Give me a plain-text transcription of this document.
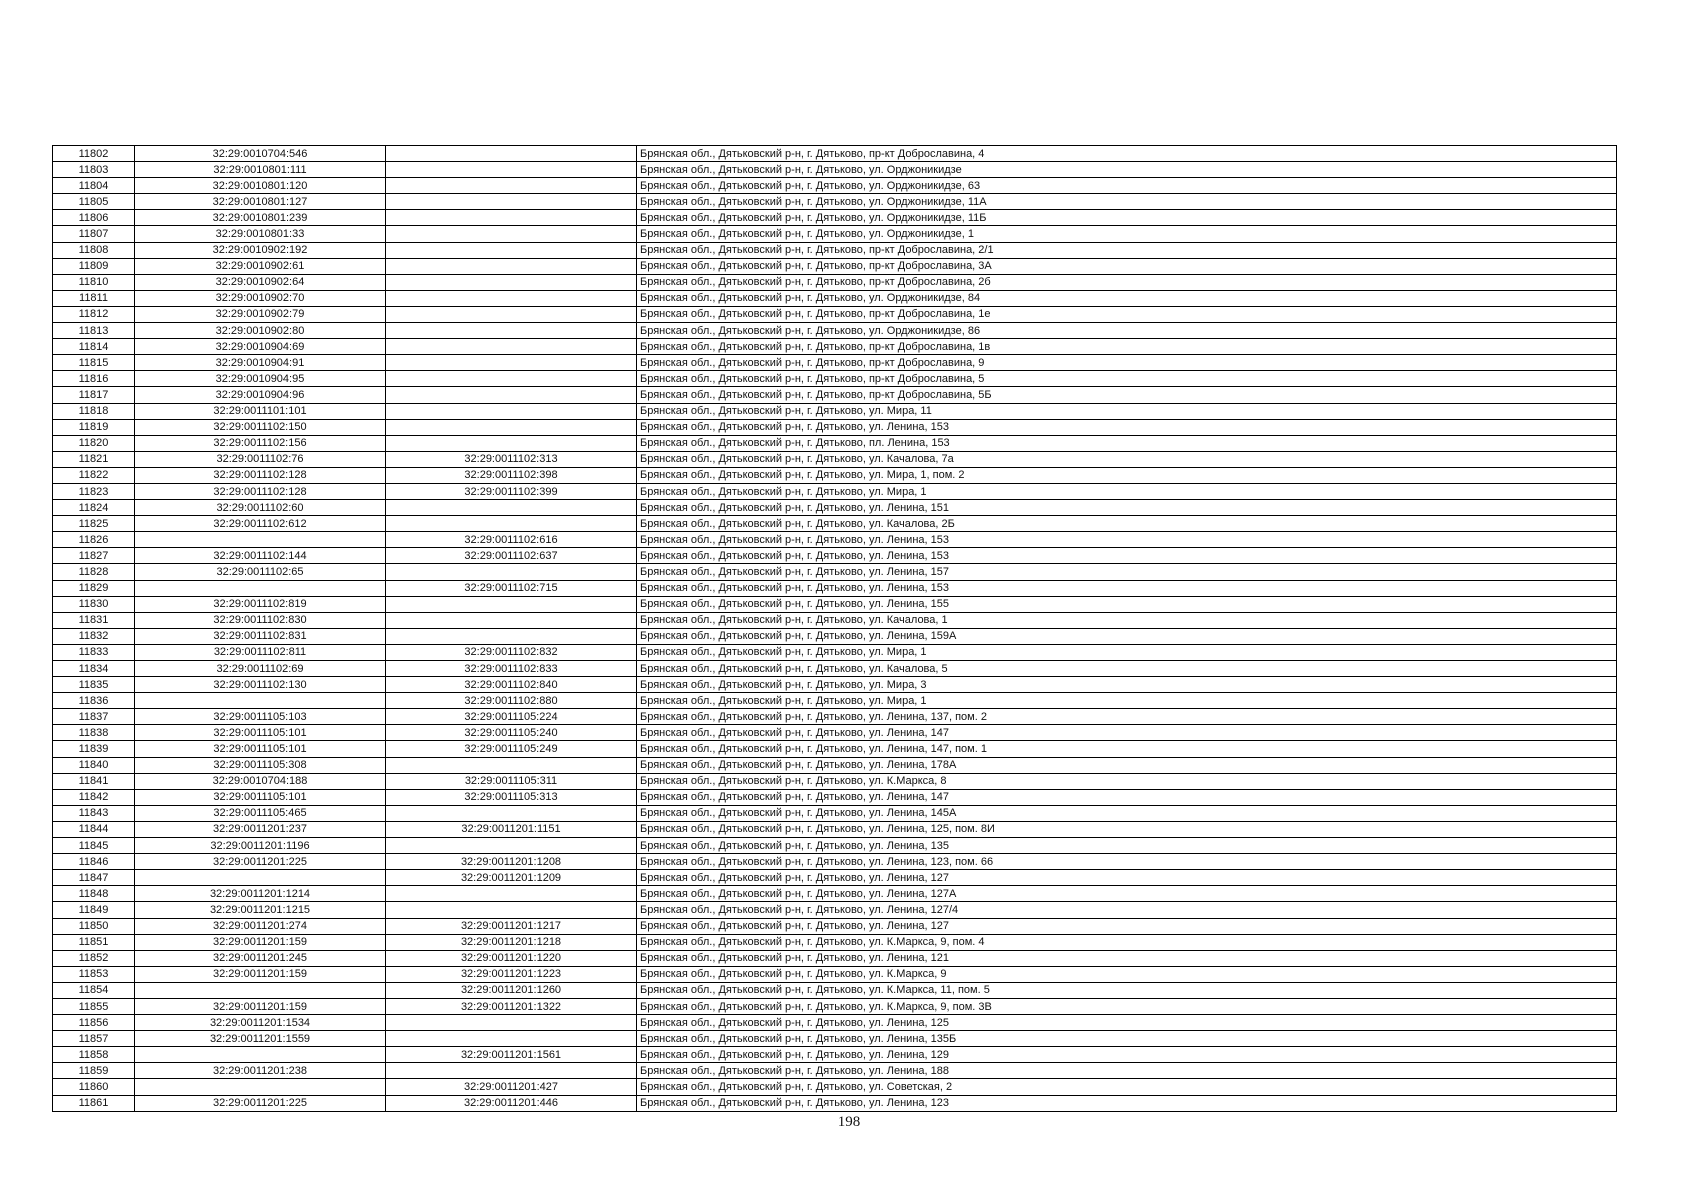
11802	32:29:0010704:546		Брянская обл., Дятьковский р-н, г. Дятьково, пр-кт Доброславина, 4
11803	32:29:0010801:111		Брянская обл., Дятьковский р-н, г. Дятьково, ул. Орджоникидзе
11804	32:29:0010801:120		Брянская обл., Дятьковский р-н, г. Дятьково, ул. Орджоникидзе, 63
11805	32:29:0010801:127		Брянская обл., Дятьковский р-н, г. Дятьково, ул. Орджоникидзе, 11А
11806	32:29:0010801:239		Брянская обл., Дятьковский р-н, г. Дятьково, ул. Орджоникидзе, 11Б
11807	32:29:0010801:33		Брянская обл., Дятьковский р-н, г. Дятьково, ул. Орджоникидзе, 1
11808	32:29:0010902:192		Брянская обл., Дятьковский р-н, г. Дятьково, пр-кт Доброславина, 2/1
11809	32:29:0010902:61		Брянская обл., Дятьковский р-н, г. Дятьково, пр-кт Доброславина, 3А
11810	32:29:0010902:64		Брянская обл., Дятьковский р-н, г. Дятьково, пр-кт Доброславина, 2б
11811	32:29:0010902:70		Брянская обл., Дятьковский р-н, г. Дятьково, ул. Орджоникидзе, 84
11812	32:29:0010902:79		Брянская обл., Дятьковский р-н, г. Дятьково, пр-кт Доброславина, 1е
11813	32:29:0010902:80		Брянская обл., Дятьковский р-н, г. Дятьково, ул. Орджоникидзе, 86
11814	32:29:0010904:69		Брянская обл., Дятьковский р-н, г. Дятьково, пр-кт Доброславина, 1в
11815	32:29:0010904:91		Брянская обл., Дятьковский р-н, г. Дятьково, пр-кт Доброславина, 9
11816	32:29:0010904:95		Брянская обл., Дятьковский р-н, г. Дятьково, пр-кт Доброславина, 5
11817	32:29:0010904:96		Брянская обл., Дятьковский р-н, г. Дятьково, пр-кт Доброславина, 5Б
11818	32:29:0011101:101		Брянская обл., Дятьковский р-н, г. Дятьково, ул. Мира, 11
11819	32:29:0011102:150		Брянская обл., Дятьковский р-н, г. Дятьково, ул. Ленина, 153
11820	32:29:0011102:156		Брянская обл., Дятьковский р-н, г. Дятьково, пл. Ленина, 153
11821	32:29:0011102:76	32:29:0011102:313	Брянская обл., Дятьковский р-н, г. Дятьково, ул. Качалова, 7а
11822	32:29:0011102:128	32:29:0011102:398	Брянская обл., Дятьковский р-н, г. Дятьково, ул. Мира, 1, пом. 2
11823	32:29:0011102:128	32:29:0011102:399	Брянская обл., Дятьковский р-н, г. Дятьково, ул. Мира, 1
11824	32:29:0011102:60		Брянская обл., Дятьковский р-н, г. Дятьково, ул. Ленина, 151
11825	32:29:0011102:612		Брянская обл., Дятьковский р-н, г. Дятьково, ул. Качалова, 2Б
11826		32:29:0011102:616	Брянская обл., Дятьковский р-н, г. Дятьково, ул. Ленина, 153
11827	32:29:0011102:144	32:29:0011102:637	Брянская обл., Дятьковский р-н, г. Дятьково, ул. Ленина, 153
11828	32:29:0011102:65		Брянская обл., Дятьковский р-н, г. Дятьково, ул. Ленина, 157
11829		32:29:0011102:715	Брянская обл., Дятьковский р-н, г. Дятьково, ул. Ленина, 153
11830	32:29:0011102:819		Брянская обл., Дятьковский р-н, г. Дятьково, ул. Ленина, 155
11831	32:29:0011102:830		Брянская обл., Дятьковский р-н, г. Дятьково, ул. Качалова, 1
11832	32:29:0011102:831		Брянская обл., Дятьковский р-н, г. Дятьково, ул. Ленина, 159А
11833	32:29:0011102:811	32:29:0011102:832	Брянская обл., Дятьковский р-н, г. Дятьково, ул. Мира, 1
11834	32:29:0011102:69	32:29:0011102:833	Брянская обл., Дятьковский р-н, г. Дятьково, ул. Качалова, 5
11835	32:29:0011102:130	32:29:0011102:840	Брянская обл., Дятьковский р-н, г. Дятьково, ул. Мира, 3
11836		32:29:0011102:880	Брянская обл., Дятьковский р-н, г. Дятьково, ул. Мира, 1
11837	32:29:0011105:103	32:29:0011105:224	Брянская обл., Дятьковский р-н, г. Дятьково, ул. Ленина, 137, пом. 2
11838	32:29:0011105:101	32:29:0011105:240	Брянская обл., Дятьковский р-н, г. Дятьково, ул. Ленина, 147
11839	32:29:0011105:101	32:29:0011105:249	Брянская обл., Дятьковский р-н, г. Дятьково, ул. Ленина, 147, пом. 1
11840	32:29:0011105:308		Брянская обл., Дятьковский р-н, г. Дятьково, ул. Ленина, 178А
11841	32:29:0010704:188	32:29:0011105:311	Брянская обл., Дятьковский р-н, г. Дятьково, ул. К.Маркса, 8
11842	32:29:0011105:101	32:29:0011105:313	Брянская обл., Дятьковский р-н, г. Дятьково, ул. Ленина, 147
11843	32:29:0011105:465		Брянская обл., Дятьковский р-н, г. Дятьково, ул. Ленина, 145А
11844	32:29:0011201:237	32:29:0011201:1151	Брянская обл., Дятьковский р-н, г. Дятьково, ул. Ленина, 125, пом. 8И
11845	32:29:0011201:1196		Брянская обл., Дятьковский р-н, г. Дятьково, ул. Ленина, 135
11846	32:29:0011201:225	32:29:0011201:1208	Брянская обл., Дятьковский р-н, г. Дятьково, ул. Ленина, 123, пом. 66
11847		32:29:0011201:1209	Брянская обл., Дятьковский р-н, г. Дятьково, ул. Ленина, 127
11848	32:29:0011201:1214		Брянская обл., Дятьковский р-н, г. Дятьково, ул. Ленина, 127А
11849	32:29:0011201:1215		Брянская обл., Дятьковский р-н, г. Дятьково, ул. Ленина, 127/4
11850	32:29:0011201:274	32:29:0011201:1217	Брянская обл., Дятьковский р-н, г. Дятьково, ул. Ленина, 127
11851	32:29:0011201:159	32:29:0011201:1218	Брянская обл., Дятьковский р-н, г. Дятьково, ул. К.Маркса, 9, пом. 4
11852	32:29:0011201:245	32:29:0011201:1220	Брянская обл., Дятьковский р-н, г. Дятьково, ул. Ленина, 121
11853	32:29:0011201:159	32:29:0011201:1223	Брянская обл., Дятьковский р-н, г. Дятьково, ул. К.Маркса, 9
11854		32:29:0011201:1260	Брянская обл., Дятьковский р-н, г. Дятьково, ул. К.Маркса, 11, пом. 5
11855	32:29:0011201:159	32:29:0011201:1322	Брянская обл., Дятьковский р-н, г. Дятьково, ул. К.Маркса, 9, пом. 3В
11856	32:29:0011201:1534		Брянская обл., Дятьковский р-н, г. Дятьково, ул. Ленина, 125
11857	32:29:0011201:1559		Брянская обл., Дятьковский р-н, г. Дятьково, ул. Ленина, 135Б
11858		32:29:0011201:1561	Брянская обл., Дятьковский р-н, г. Дятьково, ул. Ленина, 129
11859	32:29:0011201:238		Брянская обл., Дятьковский р-н, г. Дятьково, ул. Ленина, 188
11860		32:29:0011201:427	Брянская обл., Дятьковский р-н, г. Дятьково, ул. Советская, 2
11861	32:29:0011201:225	32:29:0011201:446	Брянская обл., Дятьковский р-н, г. Дятьково, ул. Ленина, 123
198
